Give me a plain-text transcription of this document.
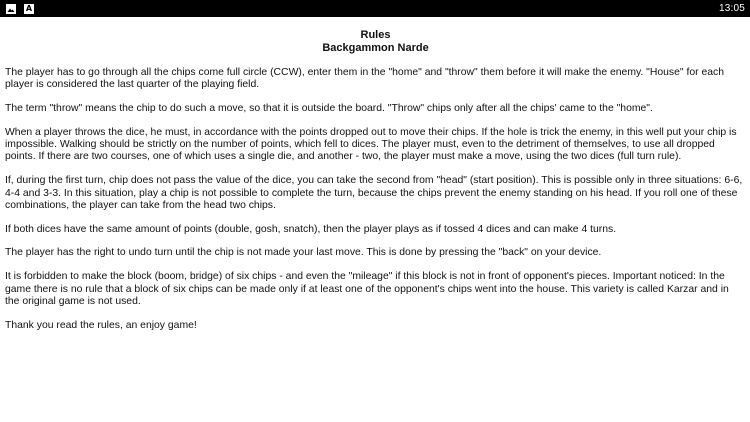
A	13:05
Rules
Backgammon Narde

The player has to go through all the chips come full circle (CCW), enter them in the "home" and "throw" them before it will make the enemy. "House" for each player is considered the last quarter of the playing field.

The term "throw" means the chip to do such a move, so that it is outside the board. "Throw" chips only after all the chips' came to the "home".

When a player throws the dice, he must, in accordance with the points dropped out to move their chips. If the hole is trick the enemy, in this well put your chip is impossible. Walking should be strictly on the number of points, which fell to dices. The player must, even to the detriment of themselves, to use all dropped points. If there are two courses, one of which uses a single die, and another - two, the player must make a move, using the two dices (full turn rule).

If, during the first turn, chip does not pass the value of the dice, you can take the second from "head" (start position). This is possible only in three situations: 6-6, 4-4 and 3-3. In this situation, play a chip is not possible to complete the turn, because the chips prevent the enemy standing on his head. If you roll one of these combinations, the player can take from the head two chips.

If both dices have the same amount of points (double, gosh, snatch), then the player plays as if tossed 4 dices and can make 4 turns.

The player has the right to undo turn until the chip is not made your last move. This is done by pressing the "back" on your device.

It is forbidden to make the block (boom, bridge) of six chips - and even the "mileage" if this block is not in front of opponent's pieces. Important noticed: In the game there is no rule that a block of six chips can be made only if at least one of the opponent's chips went into the house. This variety is called Karzar and in the original game is not used.

Thank you read the rules, an enjoy game!
